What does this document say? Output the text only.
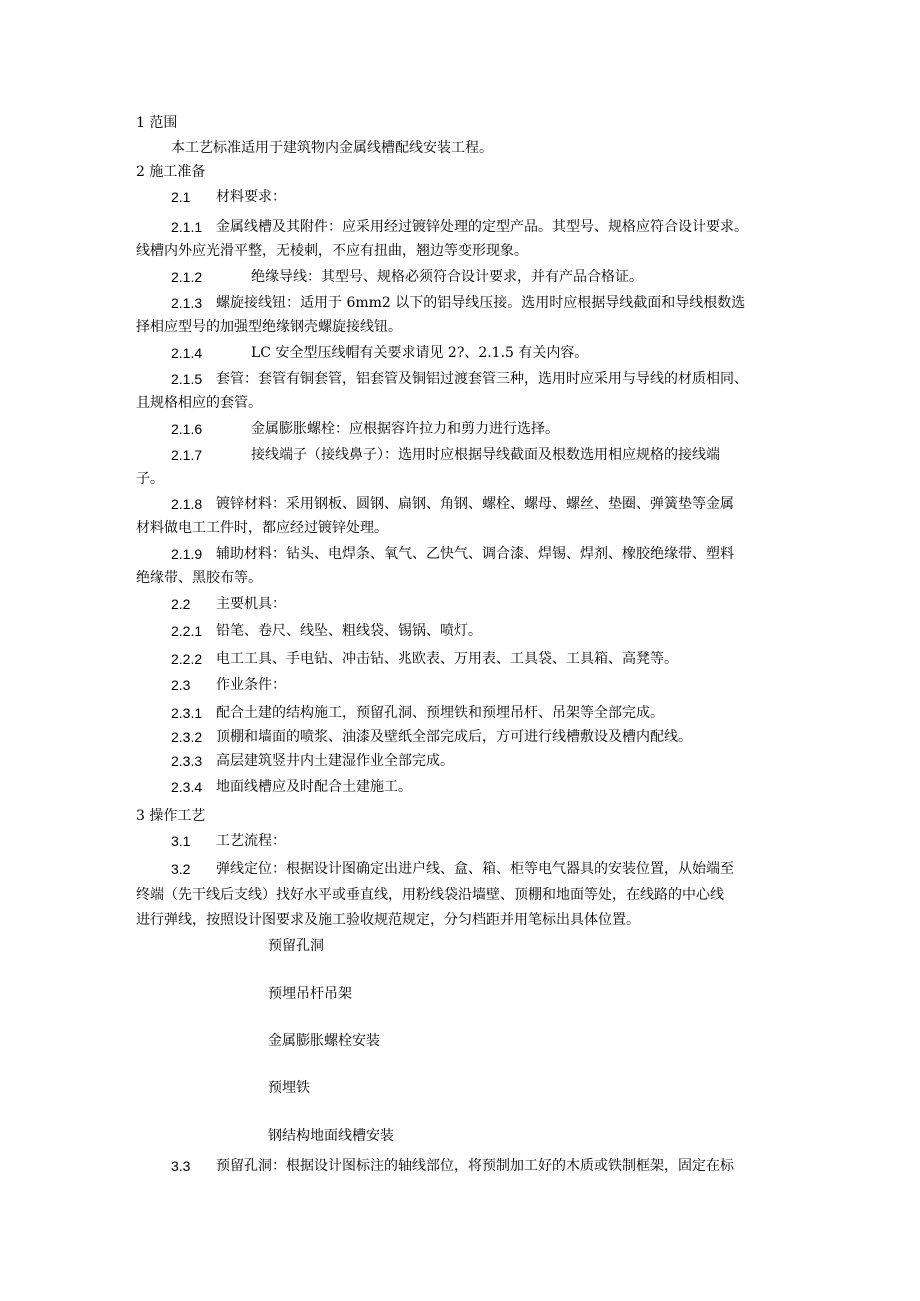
1 范围
本工艺标准适用于建筑物内金属线槽配线安装工程。
2 施工准备
2.1 材料要求：
2.1.1 金属线槽及其附件：应采用经过镀锌处理的定型产品。其型号、规格应符合设计要求。
线槽内外应光滑平整，无棱刺，不应有扭曲，翘边等变形现象。
2.1.2	绝缘导线：其型号、规格必须符合设计要求，并有产品合格证。
2.1.3 螺旋接线钮：适用于 6mm2 以下的铝导线压接。选用时应根据导线截面和导线根数选
择相应型号的加强型绝缘钢壳螺旋接线钮。
2.1.4	LC 安全型压线帽有关要求请见 2?、2.1.5 有关内容。
2.1.5 套管：套管有铜套管，铝套管及铜铝过渡套管三种，选用时应采用与导线的材质相同、
且规格相应的套管。
2.1.6	金属膨胀螺栓：应根据容许拉力和剪力进行选择。
2.1.7	接线端子（接线鼻子）：选用时应根据导线截面及根数选用相应规格的接线端
子。
2.1.8 镀锌材料：采用钢板、圆钢、扁钢、角钢、螺栓、螺母、螺丝、垫圈、弹簧垫等金属
材料做电工工件时，都应经过镀锌处理。
2.1.9 辅助材料：钻头、电焊条、氧气、乙快气、调合漆、焊锡、焊剂、橡胶绝缘带、塑料
绝缘带、黑胶布等。
2.2 主要机具：
2.2.1 铅笔、卷尺、线坠、粗线袋、锡锅、喷灯。
2.2.2 电工工具、手电钻、冲击钻、兆欧表、万用表、工具袋、工具箱、高凳等。
2.3 作业条件：
2.3.1 配合土建的结构施工，预留孔洞、预埋铁和预埋吊杆、吊架等全部完成。
2.3.2 顶棚和墙面的喷浆、油漆及壁纸全部完成后，方可进行线槽敷设及槽内配线。
2.3.3 高层建筑竖井内土建湿作业全部完成。
2.3.4 地面线槽应及时配合土建施工。
3 操作工艺
3.1 工艺流程：
3.2 弹线定位：根据设计图确定出进户线、盒、箱、柜等电气器具的安装位置，从始端至
终端（先干线后支线）找好水平或垂直线，用粉线袋沿墙壁、顶棚和地面等处，在线路的中心线
进行弹线，按照设计图要求及施工验收规范规定，分匀档距并用笔标出具体位置。
预留孔洞
预埋吊杆吊架
金属膨胀螺栓安装
预埋铁
钢结构地面线槽安装
3.3 预留孔洞：根据设计图标注的轴线部位，将预制加工好的木质或铁制框架，固定在标
